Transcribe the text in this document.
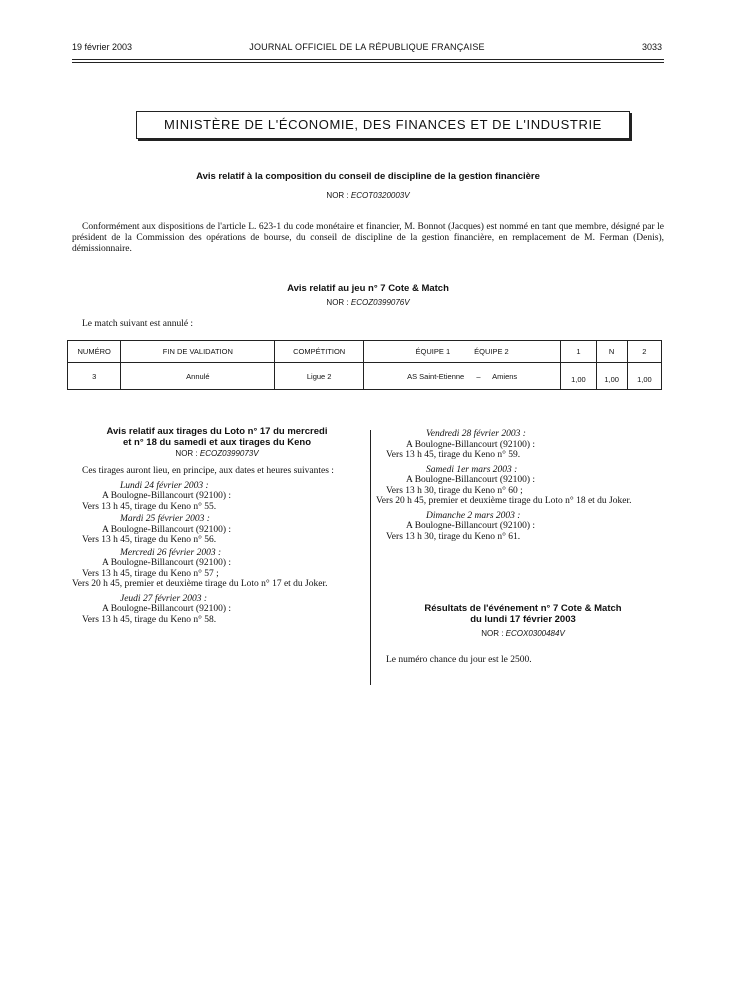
19 février 2003	JOURNAL OFFICIEL DE LA RÉPUBLIQUE FRANÇAISE	3033
MINISTÈRE DE L'ÉCONOMIE, DES FINANCES ET DE L'INDUSTRIE
Avis relatif à la composition du conseil de discipline de la gestion financière
NOR : ECOT0320003V
Conformément aux dispositions de l'article L. 623-1 du code monétaire et financier, M. Bonnot (Jacques) est nommé en tant que membre, désigné par le président de la Commission des opérations de bourse, du conseil de discipline de la gestion financière, en remplacement de M. Ferman (Denis), démissionnaire.
Avis relatif au jeu n° 7 Cote & Match
NOR : ECOZ0399076V
Le match suivant est annulé :
NUMÉRO	FIN DE VALIDATION	COMPÉTITION	ÉQUIPE 1 ÉQUIPE 2	1	N	2
3	Annulé	Ligue 2	AS Saint-Etienne – Amiens	1,00	1,00	1,00
Avis relatif aux tirages du Loto n° 17 du mercredi
et n° 18 du samedi et aux tirages du Keno
NOR : ECOZ0399073V
Ces tirages auront lieu, en principe, aux dates et heures suivantes :
Lundi 24 février 2003 :
A Boulogne-Billancourt (92100) :
Vers 13 h 45, tirage du Keno n° 55.
Mardi 25 février 2003 :
A Boulogne-Billancourt (92100) :
Vers 13 h 45, tirage du Keno n° 56.
Mercredi 26 février 2003 :
A Boulogne-Billancourt (92100) :
Vers 13 h 45, tirage du Keno n° 57 ;
Vers 20 h 45, premier et deuxième tirage du Loto n° 17 et du Joker.
Jeudi 27 février 2003 :
A Boulogne-Billancourt (92100) :
Vers 13 h 45, tirage du Keno n° 58.
Vendredi 28 février 2003 :
A Boulogne-Billancourt (92100) :
Vers 13 h 45, tirage du Keno n° 59.
Samedi 1er mars 2003 :
A Boulogne-Billancourt (92100) :
Vers 13 h 30, tirage du Keno n° 60 ;
Vers 20 h 45, premier et deuxième tirage du Loto n° 18 et du Joker.
Dimanche 2 mars 2003 :
A Boulogne-Billancourt (92100) :
Vers 13 h 30, tirage du Keno n° 61.
Résultats de l'événement n° 7 Cote & Match
du lundi 17 février 2003
NOR : ECOX0300484V
Le numéro chance du jour est le 2500.
